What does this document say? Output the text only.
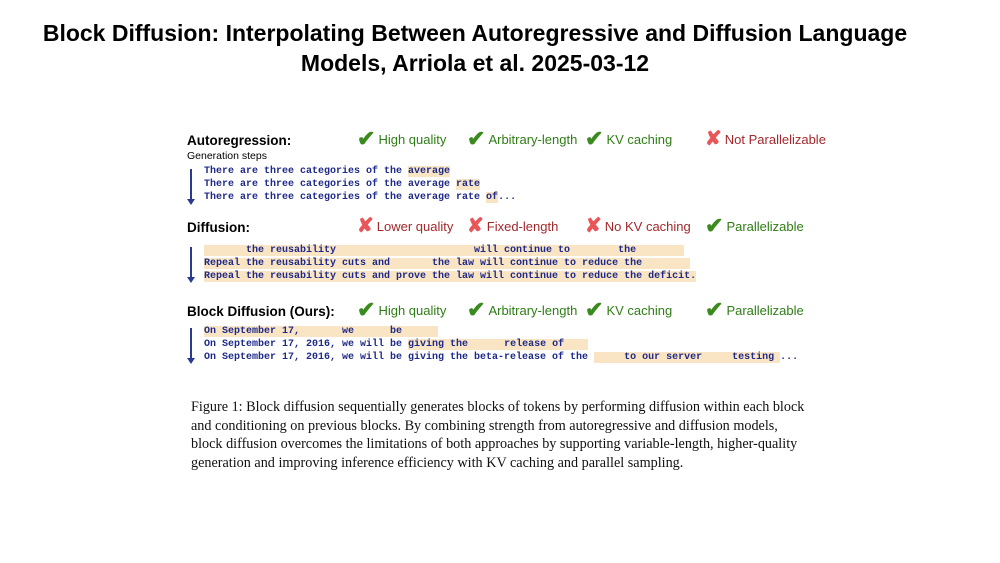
Block Diffusion: Interpolating Between Autoregressive and Diffusion Language
Models, Arriola et al. 2025-03-12
Autoregression:
Generation steps
✔ High quality ✔ Arbitrary-length ✔ KV caching ✘ Not Parallelizable
There are three categories of the average
There are three categories of the average rate
There are three categories of the average rate of...
Diffusion:	✘ Lower quality ✘ Fixed-length ✘ No KV caching ✔ Parallelizable
the reusability                       will continue to        the
Repeal the reusability cuts and       the law will continue to reduce the
Repeal the reusability cuts and prove the law will continue to reduce the deficit.
Block Diffusion (Ours): ✔ High quality ✔ Arbitrary-length ✔ KV caching ✔ Parallelizable
On September 17,       we      be
On September 17, 2016, we will be giving the      release of
On September 17, 2016, we will be giving the beta-release of the      to our server     testing ...
Figure 1: Block diffusion sequentially generates blocks of tokens by performing diffusion within each block and conditioning on previous blocks. By combining strength from autoregressive and diffusion models, block diffusion overcomes the limitations of both approaches by supporting variable-length, higher-quality generation and improving inference efficiency with KV caching and parallel sampling.
